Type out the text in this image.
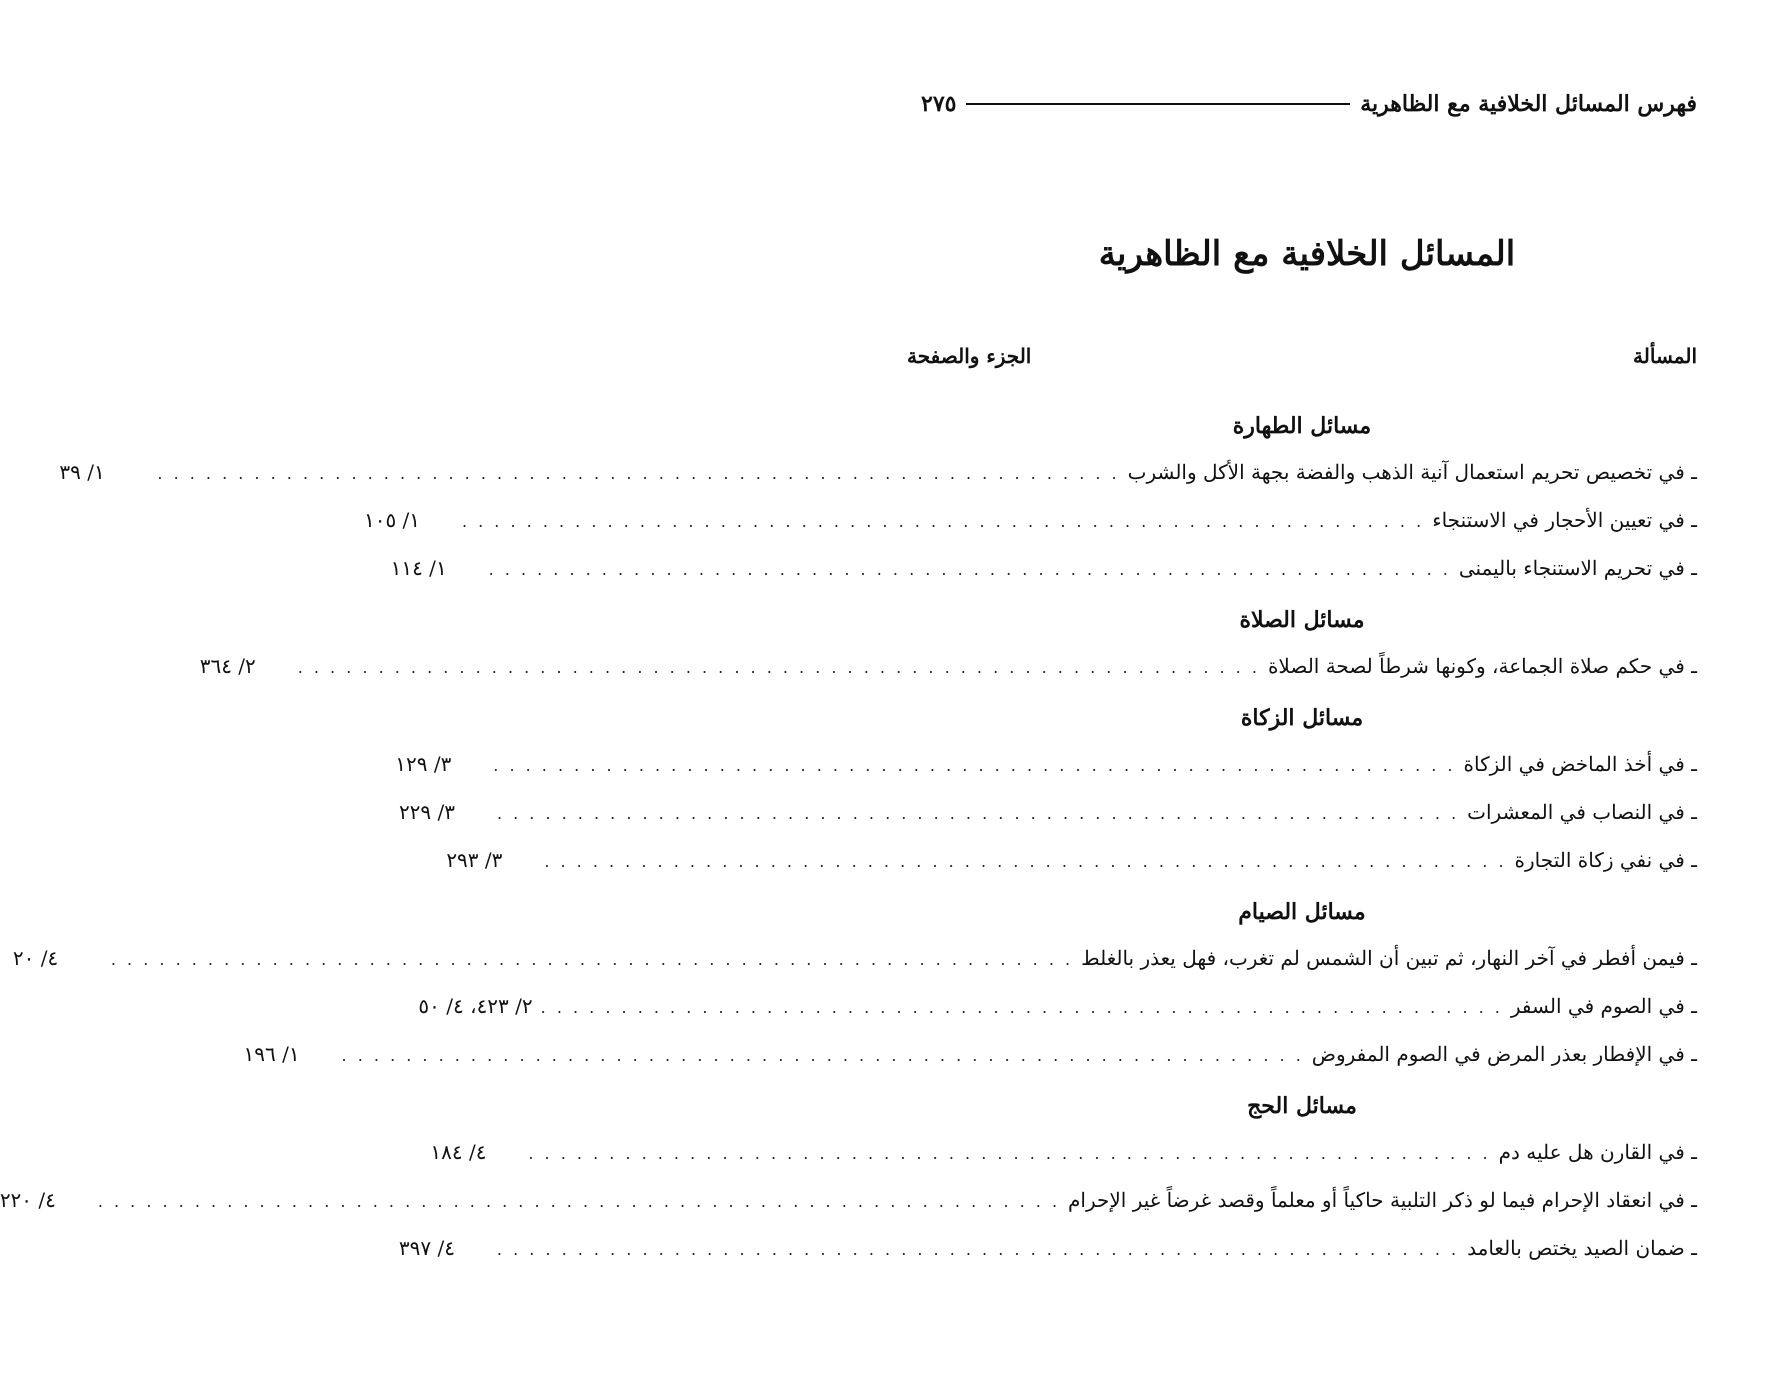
فهرس المسائل الخلافية مع الظاهرية
٢٧٥
المسائل الخلافية مع الظاهرية
المسألة
الجزء والصفحة
مسائل الطهارة
ـ في تخصيص تحريم استعمال آنية الذهب والفضة بجهة الأكل والشرب
. . . . . . . . . . . . . . . . . . . . . . . . . . . . . . . . . . . . . . . . . . . . . . . . . . . . . . . . . . . .
١/ ٣٩
ـ في تعيين الأحجار في الاستنجاء
. . . . . . . . . . . . . . . . . . . . . . . . . . . . . . . . . . . . . . . . . . . . . . . . . . . . . . . . . . . .
١/ ١٠٥
ـ في تحريم الاستنجاء باليمنى
. . . . . . . . . . . . . . . . . . . . . . . . . . . . . . . . . . . . . . . . . . . . . . . . . . . . . . . . . . . .
١/ ١١٤
مسائل الصلاة
ـ في حكم صلاة الجماعة، وكونها شرطاً لصحة الصلاة
. . . . . . . . . . . . . . . . . . . . . . . . . . . . . . . . . . . . . . . . . . . . . . . . . . . . . . . . . . . .
٢/ ٣٦٤
مسائل الزكاة
ـ في أخذ الماخض في الزكاة
. . . . . . . . . . . . . . . . . . . . . . . . . . . . . . . . . . . . . . . . . . . . . . . . . . . . . . . . . . . .
٣/ ١٢٩
ـ في النصاب في المعشرات
. . . . . . . . . . . . . . . . . . . . . . . . . . . . . . . . . . . . . . . . . . . . . . . . . . . . . . . . . . . .
٣/ ٢٢٩
ـ في نفي زكاة التجارة
. . . . . . . . . . . . . . . . . . . . . . . . . . . . . . . . . . . . . . . . . . . . . . . . . . . . . . . . . . . .
٣/ ٢٩٣
مسائل الصيام
ـ فيمن أفطر في آخر النهار، ثم تبين أن الشمس لم تغرب، فهل يعذر بالغلط
. . . . . . . . . . . . . . . . . . . . . . . . . . . . . . . . . . . . . . . . . . . . . . . . . . . . . . . . . . . .
٤/ ٢٠
ـ في الصوم في السفر
. . . . . . . . . . . . . . . . . . . . . . . . . . . . . . . . . . . . . . . . . . . . . . . . . . . . . . . . . . . .
٢/ ٤٢٣، ٤/ ٥٠
ـ في الإفطار بعذر المرض في الصوم المفروض
. . . . . . . . . . . . . . . . . . . . . . . . . . . . . . . . . . . . . . . . . . . . . . . . . . . . . . . . . . . .
١/ ١٩٦
مسائل الحج
ـ في القارن هل عليه دم
. . . . . . . . . . . . . . . . . . . . . . . . . . . . . . . . . . . . . . . . . . . . . . . . . . . . . . . . . . . .
٤/ ١٨٤
ـ في انعقاد الإحرام فيما لو ذكر التلبية حاكياً أو معلماً وقصد غرضاً غير الإحرام
. . . . . . . . . . . . . . . . . . . . . . . . . . . . . . . . . . . . . . . . . . . . . . . . . . . . . . . . . . . .
٤/ ٢٢٠
ـ ضمان الصيد يختص بالعامد
. . . . . . . . . . . . . . . . . . . . . . . . . . . . . . . . . . . . . . . . . . . . . . . . . . . . . . . . . . . .
٤/ ٣٩٧
